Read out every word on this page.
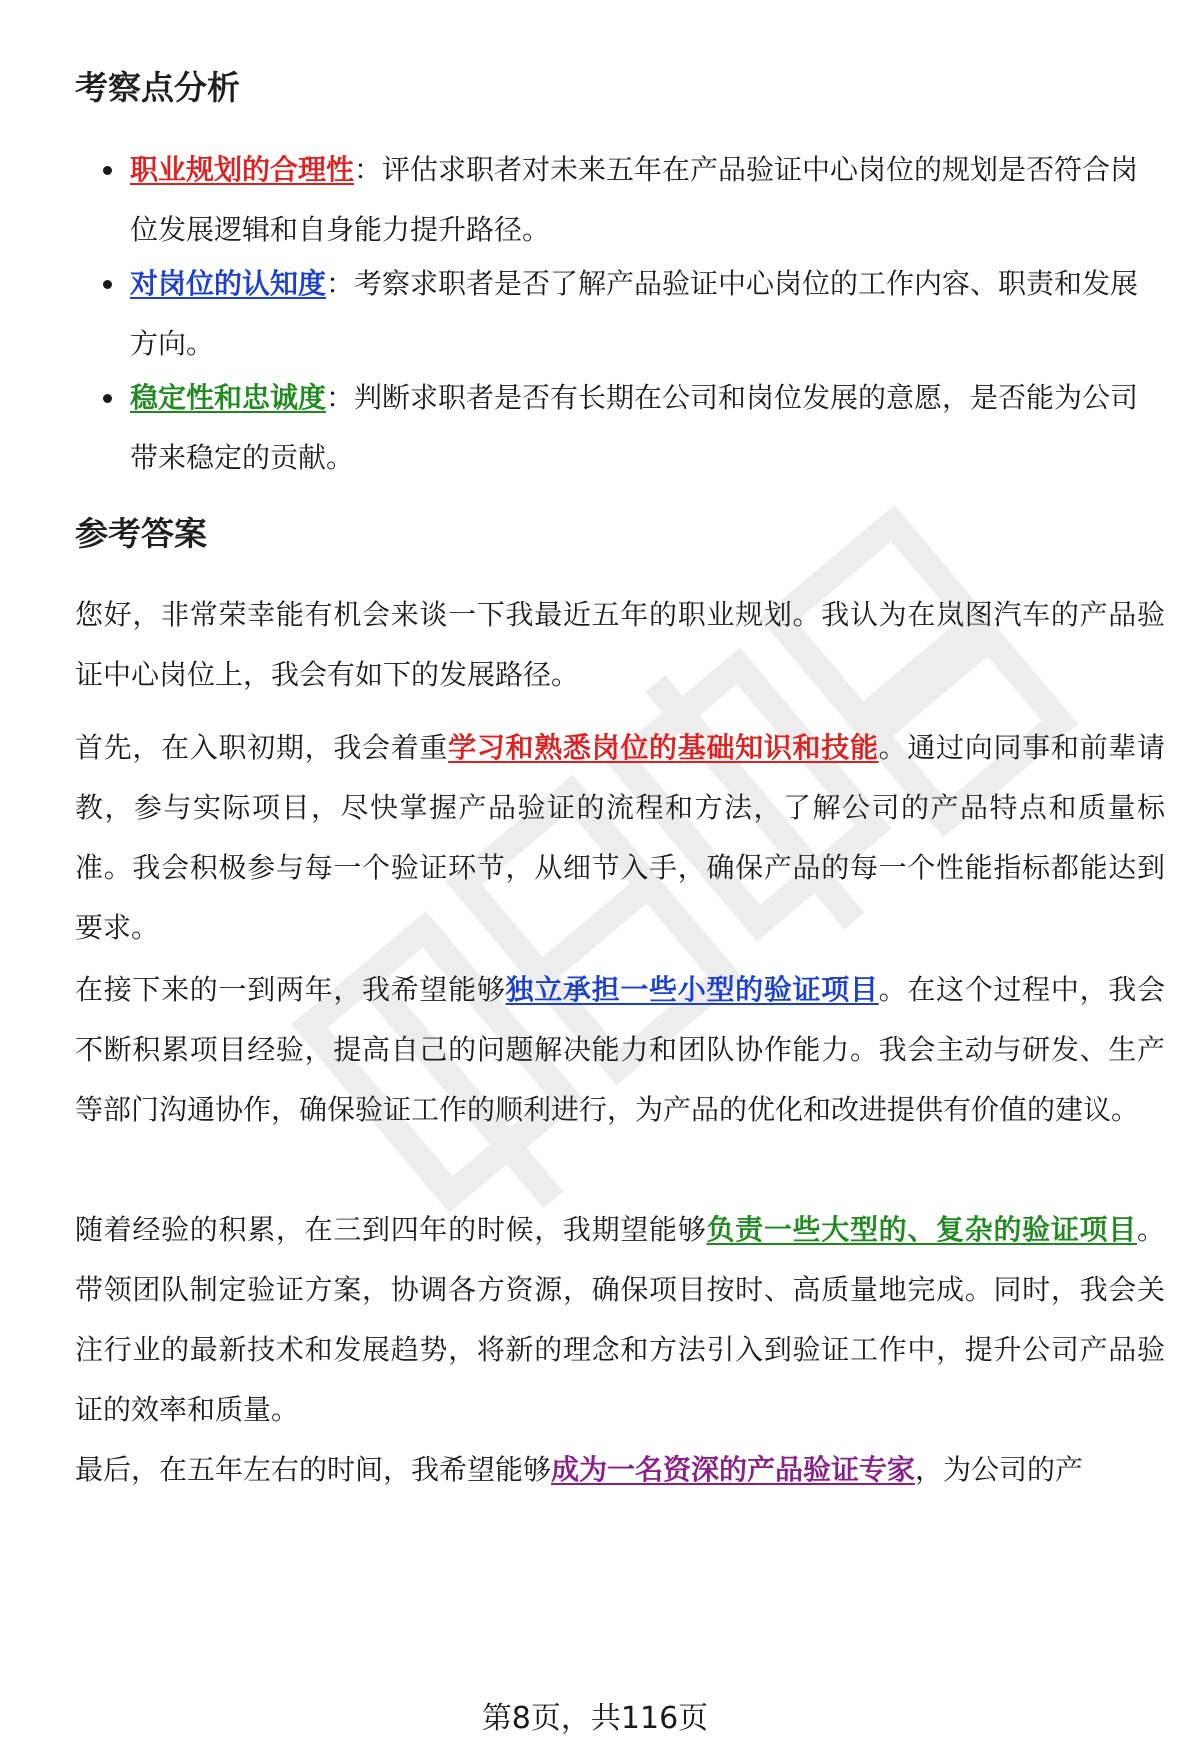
考察点分析
职业规划的合理性：评估求职者对未来五年在产品验证中心岗位的规划是否符合岗位发展逻辑和自身能力提升路径。
对岗位的认知度：考察求职者是否了解产品验证中心岗位的工作内容、职责和发展方向。
稳定性和忠诚度：判断求职者是否有长期在公司和岗位发展的意愿，是否能为公司带来稳定的贡献。
参考答案

您好，非常荣幸能有机会来谈一下我最近五年的职业规划。我认为在岚图汽车的产品验证中心岗位上，我会有如下的发展路径。

首先，在入职初期，我会着重学习和熟悉岗位的基础知识和技能。通过向同事和前辈请教，参与实际项目，尽快掌握产品验证的流程和方法，了解公司的产品特点和质量标准。我会积极参与每一个验证环节，从细节入手，确保产品的每一个性能指标都能达到要求。

在接下来的一到两年，我希望能够独立承担一些小型的验证项目。在这个过程中，我会不断积累项目经验，提高自己的问题解决能力和团队协作能力。我会主动与研发、生产等部门沟通协作，确保验证工作的顺利进行，为产品的优化和改进提供有价值的建议。

随着经验的积累，在三到四年的时候，我期望能够负责一些大型的、复杂的验证项目。带领团队制定验证方案，协调各方资源，确保项目按时、高质量地完成。同时，我会关注行业的最新技术和发展趋势，将新的理念和方法引入到验证工作中，提升公司产品验证的效率和质量。

最后，在五年左右的时间，我希望能够成为一名资深的产品验证专家，为公司的产

第8页，共116页
